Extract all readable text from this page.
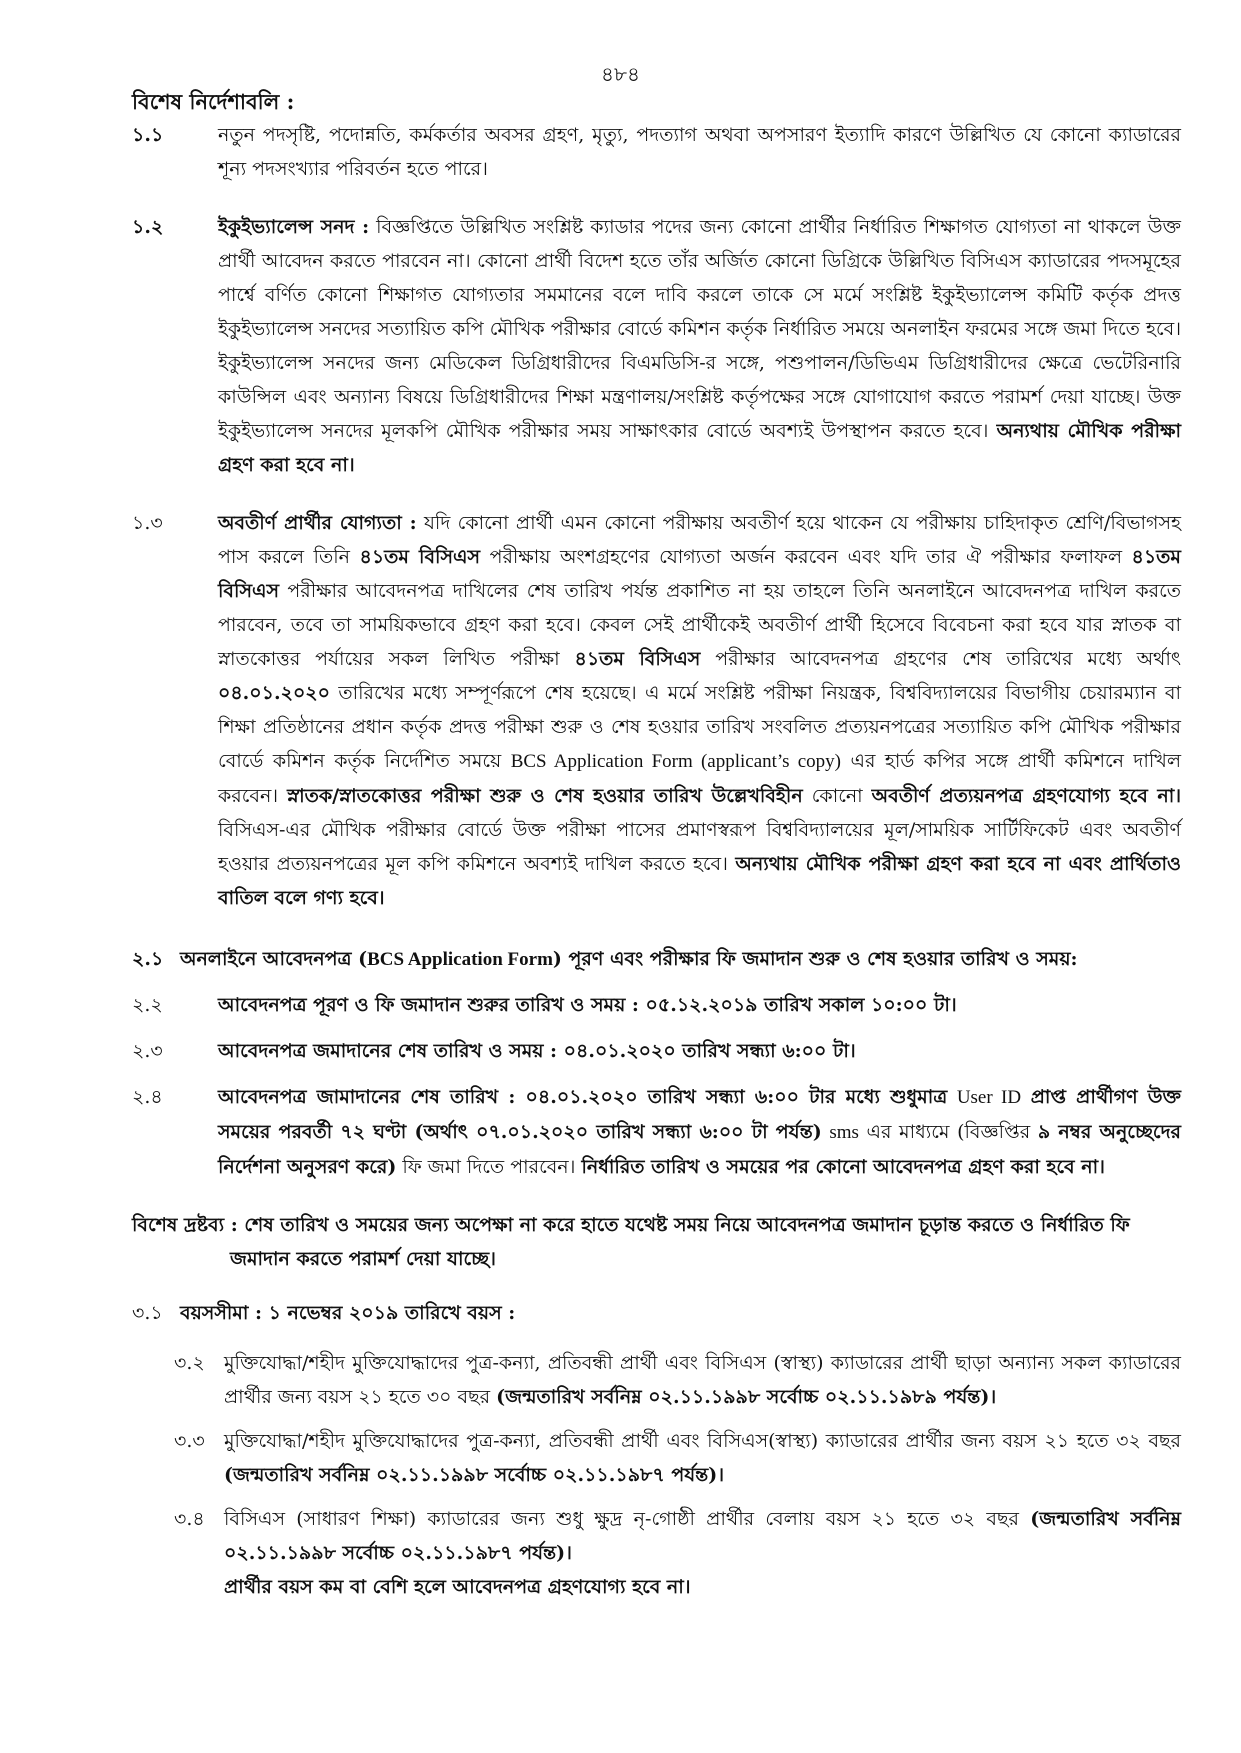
৪৮৪
বিশেষ নির্দেশাবলি :
১.১	নতুন পদসৃষ্টি, পদোন্নতি, কর্মকর্তার অবসর গ্রহণ, মৃত্যু, পদত্যাগ অথবা অপসারণ ইত্যাদি কারণে উল্লিখিত যে কোনো ক্যাডারের শূন্য পদসংখ্যার পরিবর্তন হতে পারে।
১.২	ইকুইভ্যালেন্স সনদ : বিজ্ঞপ্তিতে উল্লিখিত সংশ্লিষ্ট ক্যাডার পদের জন্য কোনো প্রার্থীর নির্ধারিত শিক্ষাগত যোগ্যতা না থাকলে উক্ত প্রার্থী আবেদন করতে পারবেন না। কোনো প্রার্থী বিদেশ হতে তাঁর অর্জিত কোনো ডিগ্রিকে উল্লিখিত বিসিএস ক্যাডারের পদসমূহের পার্শ্বে বর্ণিত কোনো শিক্ষাগত যোগ্যতার সমমানের বলে দাবি করলে তাকে সে মর্মে সংশ্লিষ্ট ইকুইভ্যালেন্স কমিটি কর্তৃক প্রদত্ত ইকুইভ্যালেন্স সনদের সত্যায়িত কপি মৌখিক পরীক্ষার বোর্ডে কমিশন কর্তৃক নির্ধারিত সময়ে অনলাইন ফরমের সঙ্গে জমা দিতে হবে। ইকুইভ্যালেন্স সনদের জন্য মেডিকেল ডিগ্রিধারীদের বিএমডিসি-র সঙ্গে, পশুপালন/ডিভিএম ডিগ্রিধারীদের ক্ষেত্রে ভেটেরিনারি কাউন্সিল এবং অন্যান্য বিষয়ে ডিগ্রিধারীদের শিক্ষা মন্ত্রণালয়/সংশ্লিষ্ট কর্তৃপক্ষের সঙ্গে যোগাযোগ করতে পরামর্শ দেয়া যাচ্ছে। উক্ত ইকুইভ্যালেন্স সনদের মূলকপি মৌখিক পরীক্ষার সময় সাক্ষাৎকার বোর্ডে অবশ্যই উপস্থাপন করতে হবে। অন্যথায় মৌখিক পরীক্ষা গ্রহণ করা হবে না।
১.৩	অবতীর্ণ প্রার্থীর যোগ্যতা : যদি কোনো প্রার্থী এমন কোনো পরীক্ষায় অবতীর্ণ হয়ে থাকেন যে পরীক্ষায় চাহিদাকৃত শ্রেণি/বিভাগসহ পাস করলে তিনি ৪১তম বিসিএস পরীক্ষায় অংশগ্রহণের যোগ্যতা অর্জন করবেন এবং যদি তার ঐ পরীক্ষার ফলাফল ৪১তম বিসিএস পরীক্ষার আবেদনপত্র দাখিলের শেষ তারিখ পর্যন্ত প্রকাশিত না হয় তাহলে তিনি অনলাইনে আবেদনপত্র দাখিল করতে পারবেন, তবে তা সাময়িকভাবে গ্রহণ করা হবে। কেবল সেই প্রার্থীকেই অবতীর্ণ প্রার্থী হিসেবে বিবেচনা করা হবে যার স্নাতক বা স্নাতকোত্তর পর্যায়ের সকল লিখিত পরীক্ষা ৪১তম বিসিএস পরীক্ষার আবেদনপত্র গ্রহণের শেষ তারিখের মধ্যে অর্থাৎ ০৪.০১.২০২০ তারিখের মধ্যে সম্পূর্ণরূপে শেষ হয়েছে। এ মর্মে সংশ্লিষ্ট পরীক্ষা নিয়ন্ত্রক, বিশ্ববিদ্যালয়ের বিভাগীয় চেয়ারম্যান বা শিক্ষা প্রতিষ্ঠানের প্রধান কর্তৃক প্রদত্ত পরীক্ষা শুরু ও শেষ হওয়ার তারিখ সংবলিত প্রত্যয়নপত্রের সত্যায়িত কপি মৌখিক পরীক্ষার বোর্ডে কমিশন কর্তৃক নির্দেশিত সময়ে BCS Application Form (applicant’s copy) এর হার্ড কপির সঙ্গে প্রার্থী কমিশনে দাখিল করবেন। স্নাতক/স্নাতকোত্তর পরীক্ষা শুরু ও শেষ হওয়ার তারিখ উল্লেখবিহীন কোনো অবতীর্ণ প্রত্যয়নপত্র গ্রহণযোগ্য হবে না। বিসিএস-এর মৌখিক পরীক্ষার বোর্ডে উক্ত পরীক্ষা পাসের প্রমাণস্বরূপ বিশ্ববিদ্যালয়ের মূল/সাময়িক সার্টিফিকেট এবং অবতীর্ণ হওয়ার প্রত্যয়নপত্রের মূল কপি কমিশনে অবশ্যই দাখিল করতে হবে। অন্যথায় মৌখিক পরীক্ষা গ্রহণ করা হবে না এবং প্রার্থিতাও বাতিল বলে গণ্য হবে।
২.১ অনলাইনে আবেদনপত্র (BCS Application Form) পূরণ এবং পরীক্ষার ফি জমাদান শুরু ও শেষ হওয়ার তারিখ ও সময়:
২.২	আবেদনপত্র পূরণ ও ফি জমাদান শুরুর তারিখ ও সময় : ০৫.১২.২০১৯ তারিখ সকাল ১০:০০ টা।
২.৩	আবেদনপত্র জমাদানের শেষ তারিখ ও সময় : ০৪.০১.২০২০ তারিখ সন্ধ্যা ৬:০০ টা।
২.৪	আবেদনপত্র জামাদানের শেষ তারিখ : ০৪.০১.২০২০ তারিখ সন্ধ্যা ৬:০০ টার মধ্যে শুধুমাত্র User ID প্রাপ্ত প্রার্থীগণ উক্ত সময়ের পরবর্তী ৭২ ঘণ্টা (অর্থাৎ ০৭.০১.২০২০ তারিখ সন্ধ্যা ৬:০০ টা পর্যন্ত) sms এর মাধ্যমে (বিজ্ঞপ্তির ৯ নম্বর অনুচ্ছেদের নির্দেশনা অনুসরণ করে) ফি জমা দিতে পারবেন। নির্ধারিত তারিখ ও সময়ের পর কোনো আবেদনপত্র গ্রহণ করা হবে না।
বিশেষ দ্রষ্টব্য : শেষ তারিখ ও সময়ের জন্য অপেক্ষা না করে হাতে যথেষ্ট সময় নিয়ে আবেদনপত্র জমাদান চূড়ান্ত করতে ও নির্ধারিত ফি
জমাদান করতে পরামর্শ দেয়া যাচ্ছে।
৩.১ বয়সসীমা : ১ নভেম্বর ২০১৯ তারিখে বয়স :
৩.২	মুক্তিযোদ্ধা/শহীদ মুক্তিযোদ্ধাদের পুত্র-কন্যা, প্রতিবন্ধী প্রার্থী এবং বিসিএস (স্বাস্থ্য) ক্যাডারের প্রার্থী ছাড়া অন্যান্য সকল ক্যাডারের প্রার্থীর জন্য বয়স ২১ হতে ৩০ বছর (জন্মতারিখ সর্বনিম্ন ০২.১১.১৯৯৮ সর্বোচ্চ ০২.১১.১৯৮৯ পর্যন্ত)।
৩.৩	মুক্তিযোদ্ধা/শহীদ মুক্তিযোদ্ধাদের পুত্র-কন্যা, প্রতিবন্ধী প্রার্থী এবং বিসিএস(স্বাস্থ্য) ক্যাডারের প্রার্থীর জন্য বয়স ২১ হতে ৩২ বছর (জন্মতারিখ সর্বনিম্ন ০২.১১.১৯৯৮ সর্বোচ্চ ০২.১১.১৯৮৭ পর্যন্ত)।
৩.৪	বিসিএস (সাধারণ শিক্ষা) ক্যাডারের জন্য শুধু ক্ষুদ্র নৃ-গোষ্ঠী প্রার্থীর বেলায় বয়স ২১ হতে ৩২ বছর (জন্মতারিখ সর্বনিম্ন ০২.১১.১৯৯৮ সর্বোচ্চ ০২.১১.১৯৮৭ পর্যন্ত)।
প্রার্থীর বয়স কম বা বেশি হলে আবেদনপত্র গ্রহণযোগ্য হবে না।
